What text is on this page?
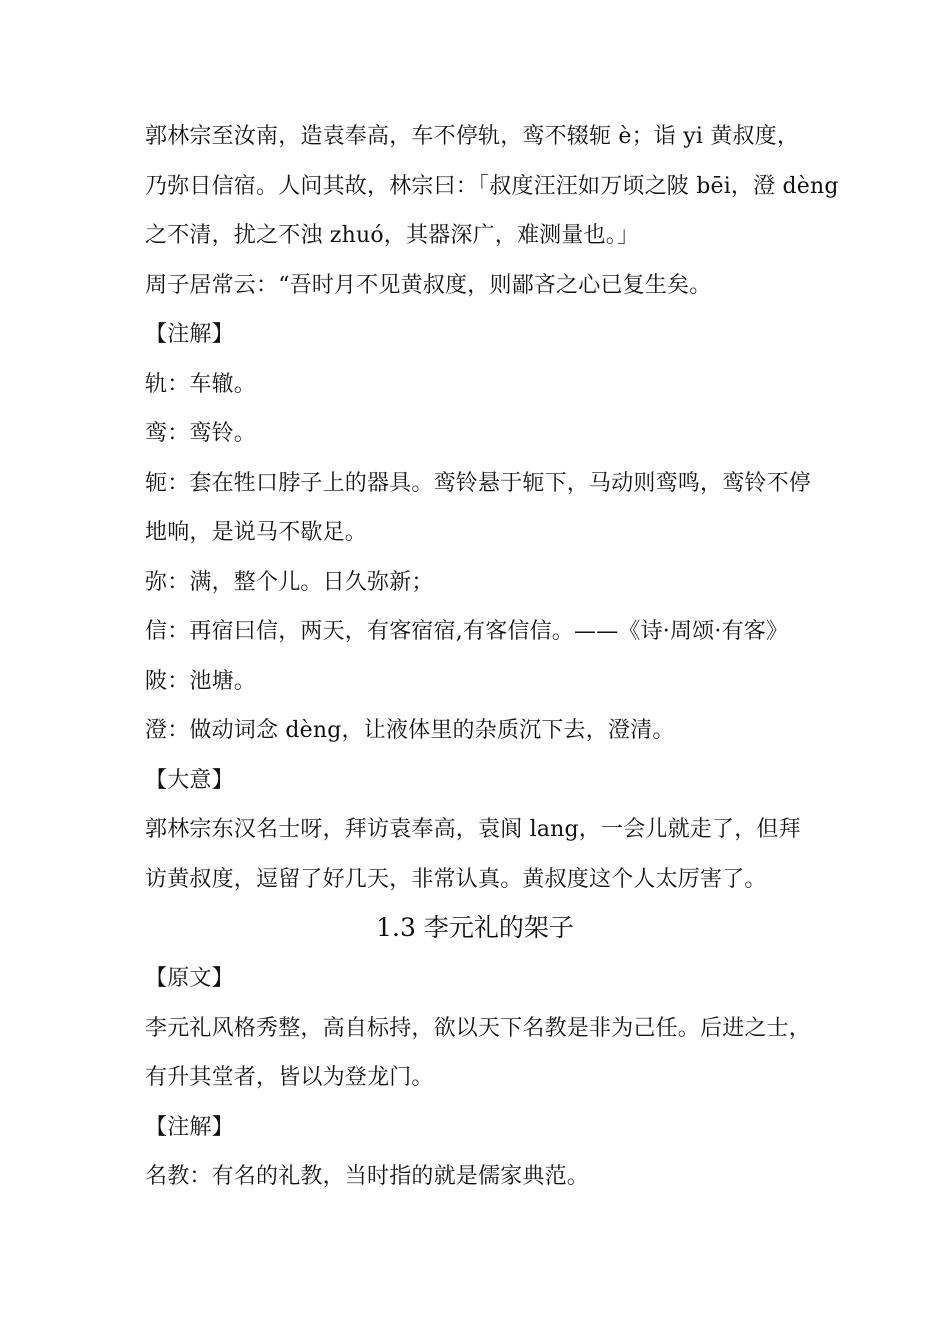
郭林宗至汝南，造袁奉高，车不停轨，鸾不辍轭 è；诣 yi 黄叔度，
乃弥日信宿。人问其故，林宗曰：「叔度汪汪如万顷之陂 bēi，澄 dèng
之不清，扰之不浊 zhuó，其器深广，难测量也。」
周子居常云：“吾时月不见黄叔度，则鄙吝之心已复生矣。
【注解】
轨：车辙。
鸾：鸾铃。
轭：套在牲口脖子上的器具。鸾铃悬于轭下，马动则鸾鸣，鸾铃不停
地响，是说马不歇足。
弥：满，整个儿。日久弥新；
信：再宿曰信，两天，有客宿宿,有客信信。——《诗·周颂·有客》
陂：池塘。
澄：做动词念 dèng，让液体里的杂质沉下去，澄清。
【大意】
郭林宗东汉名士呀，拜访袁奉高，袁阆 lang，一会儿就走了，但拜
访黄叔度，逗留了好几天，非常认真。黄叔度这个人太厉害了。
1.3 李元礼的架子
【原文】
李元礼风格秀整，高自标持，欲以天下名教是非为己任。后进之士，
有升其堂者，皆以为登龙门。
【注解】
名教：有名的礼教，当时指的就是儒家典范。
